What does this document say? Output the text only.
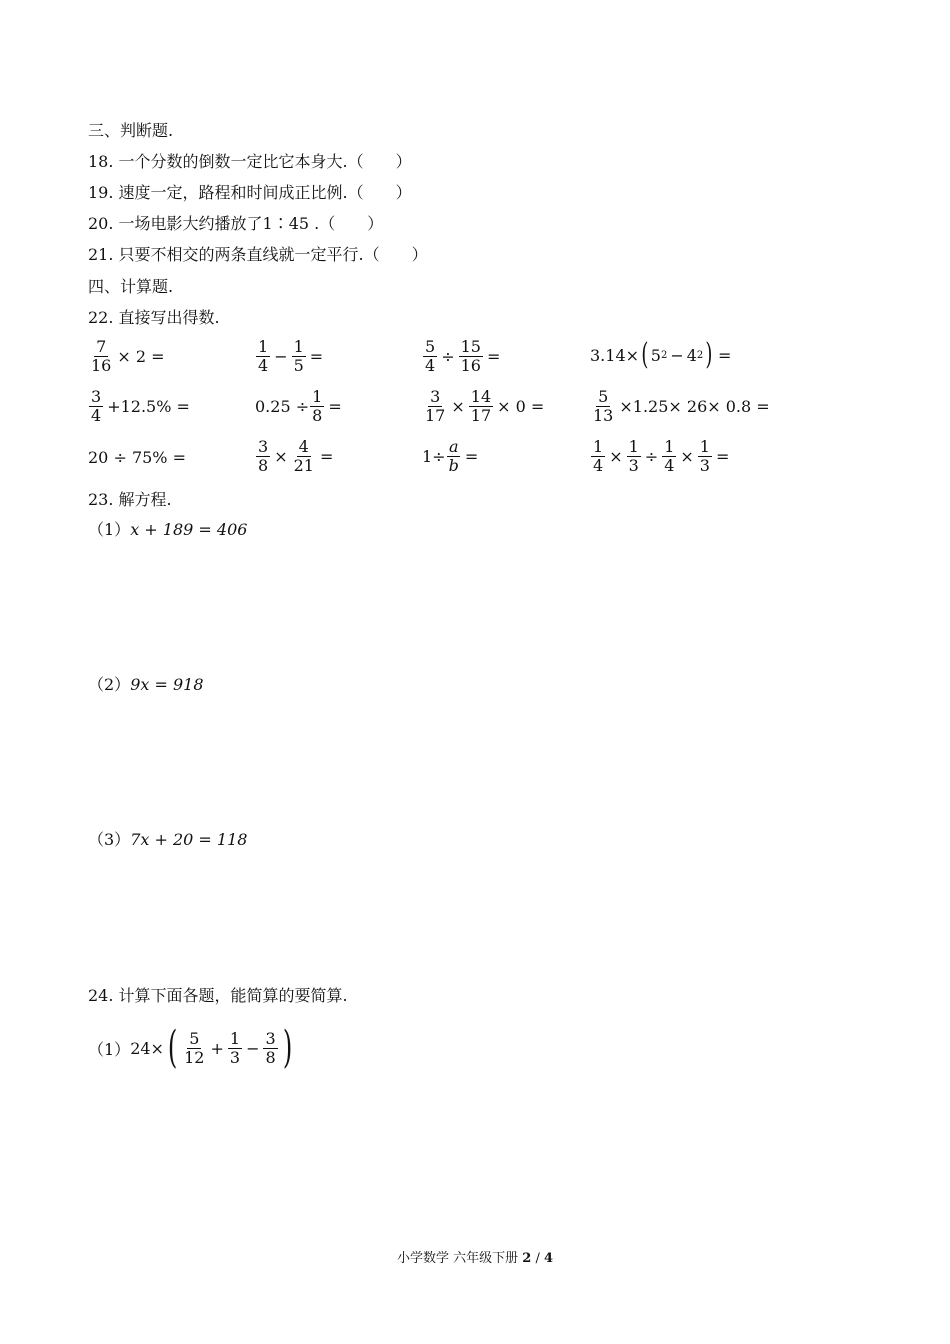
三、判断题.
18. 一个分数的倒数一定比它本身大.（　　）
19. 速度一定，路程和时间成正比例.（　　）
20. 一场电影大约播放了1∶45 .（　　）
21. 只要不相交的两条直线就一定平行.（　　）
四、计算题.
22. 直接写出得数.
$\frac{7}{16} \times 2$ =	$\frac{1}{4} - \frac{1}{5}$ =	$\frac{5}{4} \div \frac{15}{16}$ =	3.14× ( 5 2 − 4 2 ) =
$\frac{3}{4} +12.5\%$ =	$0.25 \div \frac{1}{8}$ =	$\frac{3}{17} \times \frac{14}{17} \times 0$ =	$\frac{5}{13} \times 1.25\times 26\times 0.8$ =
20 ÷ 75% =	$\frac{3}{8} \times \frac{4}{21}$ =	$1\div \frac{a}{b}$ =	$\frac{1}{4} \times \frac{1}{3} \div \frac{1}{4} \times \frac{1}{3}$ =
23. 解方程.
（1）x + 189 = 406
（2）9x = 918
（3）7x + 20 = 118
24. 计算下面各题，能简算的要简算.
（1） 24× ( $\frac{5}{12} + \frac{1}{3} - \frac{3}{8}$ )
小学数学 六年级下册 2 / 4
